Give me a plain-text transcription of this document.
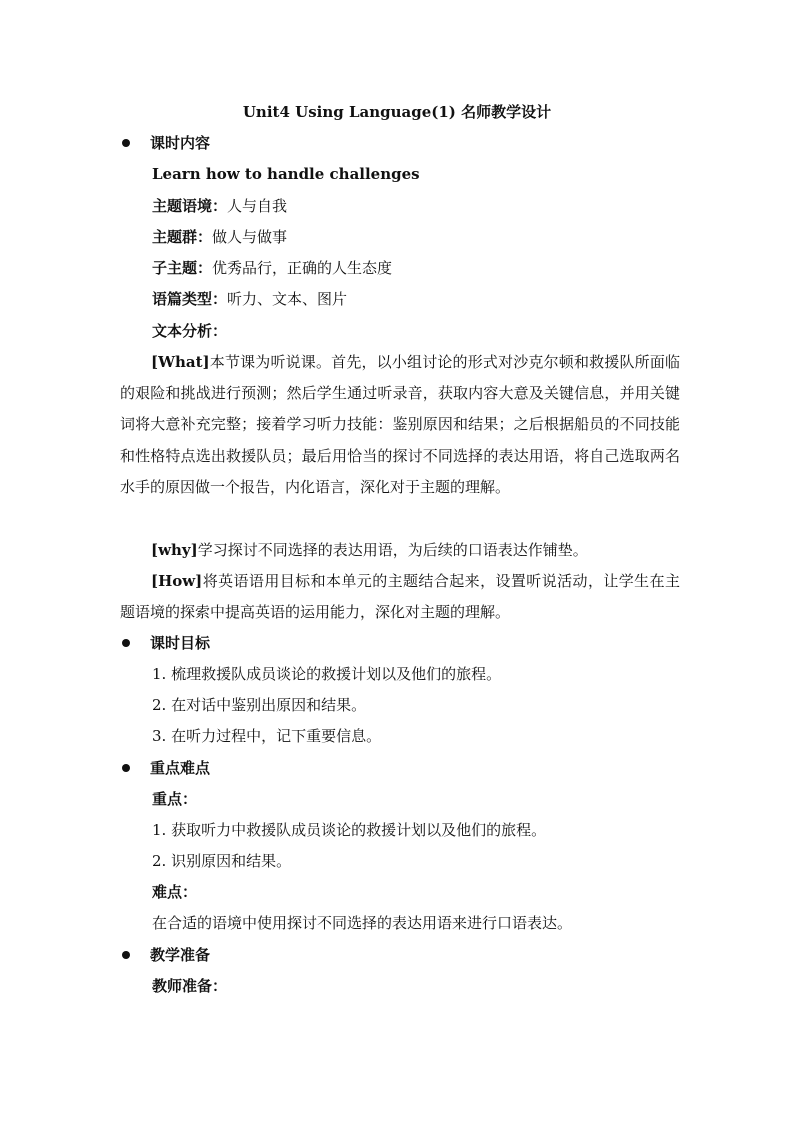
Unit4 Using Language(1) 名师教学设计
课时内容
Learn how to handle challenges
主题语境：人与自我
主题群：做人与做事
子主题：优秀品行，正确的人生态度
语篇类型：听力、文本、图片
文本分析：
[What]本节课为听说课。首先，以小组讨论的形式对沙克尔顿和救援队所面临的艰险和挑战进行预测；然后学生通过听录音，获取内容大意及关键信息，并用关键词将大意补充完整；接着学习听力技能：鉴别原因和结果；之后根据船员的不同技能和性格特点选出救援队员；最后用恰当的探讨不同选择的表达用语，将自己选取两名水手的原因做一个报告，内化语言，深化对于主题的理解。
[why]学习探讨不同选择的表达用语，为后续的口语表达作铺垫。
[How]将英语语用目标和本单元的主题结合起来，设置听说活动，让学生在主题语境的探索中提高英语的运用能力，深化对主题的理解。
课时目标
1. 梳理救援队成员谈论的救援计划以及他们的旅程。
2. 在对话中鉴别出原因和结果。
3. 在听力过程中，记下重要信息。
重点难点
重点：
1. 获取听力中救援队成员谈论的救援计划以及他们的旅程。
2. 识别原因和结果。
难点：
在合适的语境中使用探讨不同选择的表达用语来进行口语表达。
教学准备
教师准备：
